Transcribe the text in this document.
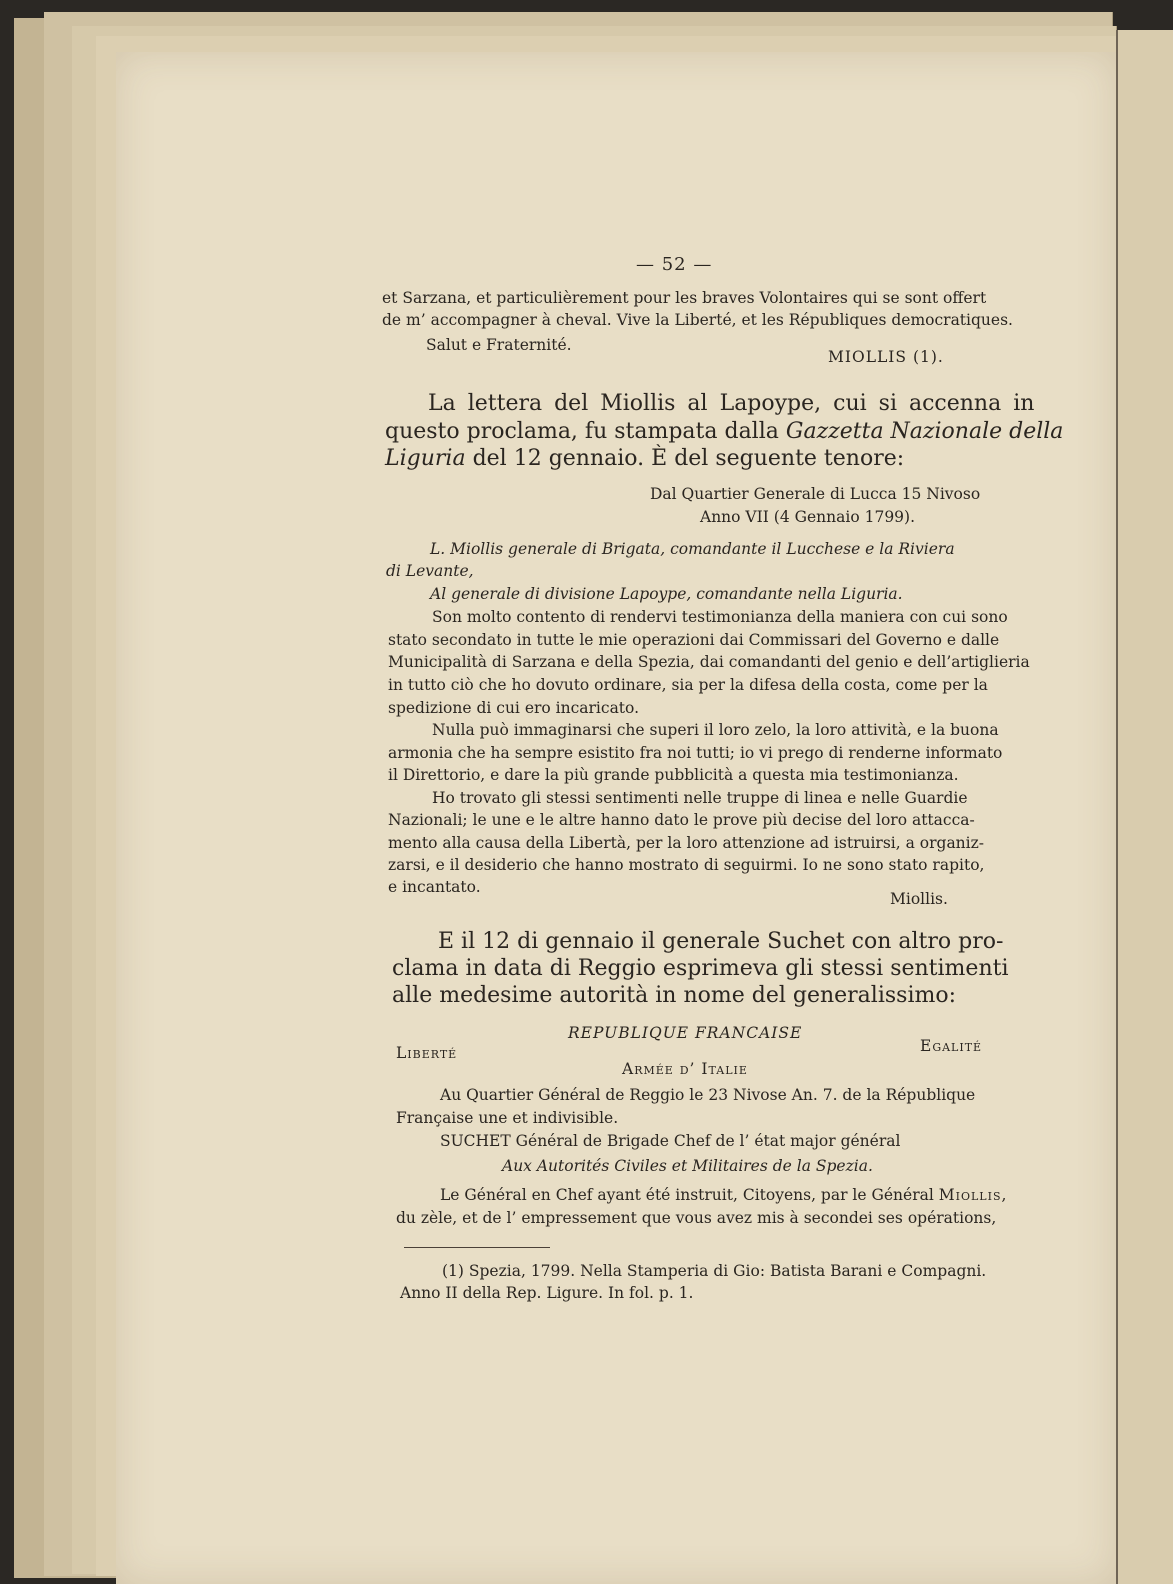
— 52 —
et Sarzana, et particulièrement pour les braves Volontaires qui se sont offert
de m’ accompagner à cheval. Vive la Liberté, et les Républiques democratiques.
Salut e Fraternité.
MIOLLIS (1).
La lettera del Miollis al Lapoype, cui si accenna in
questo proclama, fu stampata dalla Gazzetta Nazionale della
Liguria del 12 gennaio. È del seguente tenore:
Dal Quartier Generale di Lucca 15 Nivoso
Anno VII (4 Gennaio 1799).
L. Miollis generale di Brigata, comandante il Lucchese e la Riviera
di Levante,
Al generale di divisione Lapoype, comandante nella Liguria.
Son molto contento di rendervi testimonianza della maniera con cui sono
stato secondato in tutte le mie operazioni dai Commissari del Governo e dalle
Municipalità di Sarzana e della Spezia, dai comandanti del genio e dell’artiglieria
in tutto ciò che ho dovuto ordinare, sia per la difesa della costa, come per la
spedizione di cui ero incaricato.
Nulla può immaginarsi che superi il loro zelo, la loro attività, e la buona
armonia che ha sempre esistito fra noi tutti; io vi prego di renderne informato
il Direttorio, e dare la più grande pubblicità a questa mia testimonianza.
Ho trovato gli stessi sentimenti nelle truppe di linea e nelle Guardie
Nazionali; le une e le altre hanno dato le prove più decise del loro attacca-
mento alla causa della Libertà, per la loro attenzione ad istruirsi, a organiz-
zarsi, e il desiderio che hanno mostrato di seguirmi. Io ne sono stato rapito,
e incantato.
Miollis.
E il 12 di gennaio il generale Suchet con altro pro-
clama in data di Reggio esprimeva gli stessi sentimenti
alle medesime autorità in nome del generalissimo:
REPUBLIQUE FRANCAISE
Liberté	Egalité
Armée d’ Italie
Au Quartier Général de Reggio le 23 Nivose An. 7. de la République
Française une et indivisible.
SUCHET Général de Brigade Chef de l’ état major général
Aux Autorités Civiles et Militaires de la Spezia.
Le Général en Chef ayant été instruit, Citoyens, par le Général Miollis,
du zèle, et de l’ empressement que vous avez mis à secondei ses opérations,
(1) Spezia, 1799. Nella Stamperia di Gio: Batista Barani e Compagni.
Anno II della Rep. Ligure. In fol. p. 1.
